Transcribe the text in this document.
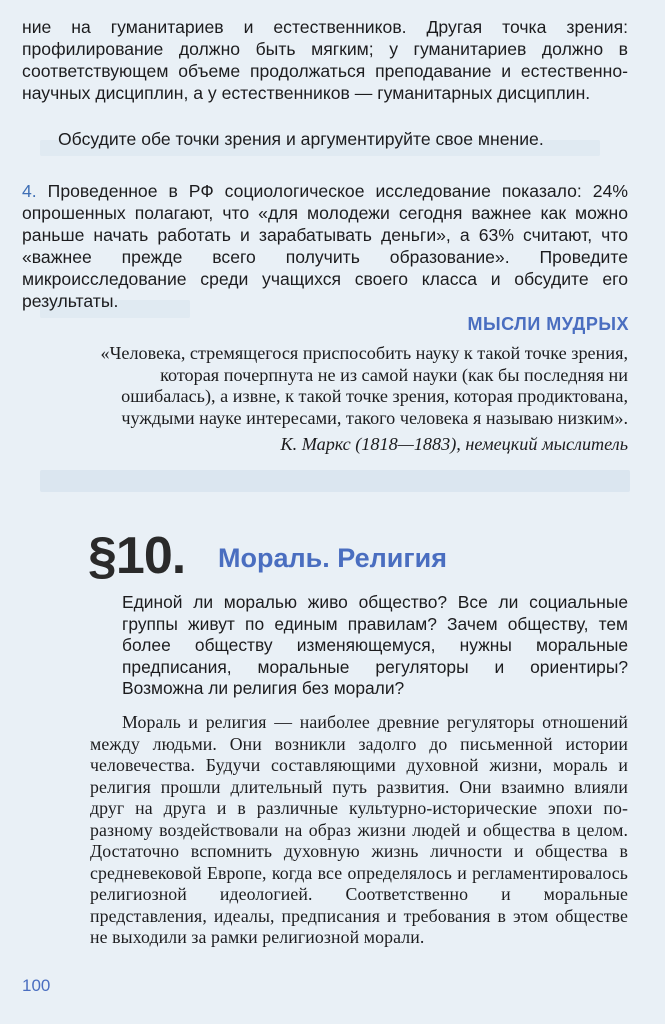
ние на гуманитариев и естественников. Другая точка зрения: профилирование должно быть мягким; у гуманитариев должно в соответствующем объеме продолжаться преподавание и естественно-научных дисциплин, а у естественников — гуманитарных дисциплин.

Обсудите обе точки зрения и аргументируйте свое мнение.

4. Проведенное в РФ социологическое исследование показало: 24% опрошенных полагают, что «для молодежи сегодня важнее как можно раньше начать работать и зарабатывать деньги», а 63% считают, что «важнее прежде всего получить образование». Проведите микроисследование среди учащихся своего класса и обсудите его результаты.

МЫСЛИ МУДРЫХ

«Человека, стремящегося приспособить науку к такой точке зрения, которая почерпнута не из самой науки (как бы последняя ни ошибалась), а извне, к такой точке зрения, которая продиктована, чуждыми науке интересами, такого человека я называю низким».

К. Маркс (1818—1883), немецкий мыслитель

§10. Мораль. Религия

Единой ли моралью живо общество? Все ли социальные группы живут по единым правилам? Зачем обществу, тем более обществу изменяющемуся, нужны моральные предписания, моральные регуляторы и ориентиры? Возможна ли религия без морали?

Мораль и религия — наиболее древние регуляторы отношений между людьми. Они возникли задолго до письменной истории человечества. Будучи составляющими духовной жизни, мораль и религия прошли длительный путь развития. Они взаимно влияли друг на друга и в различные культурно-исторические эпохи по-разному воздействовали на образ жизни людей и общества в целом. Достаточно вспомнить духовную жизнь личности и общества в средневековой Европе, когда все определялось и регламентировалось религиозной идеологией. Соответственно и моральные представления, идеалы, предписания и требования в этом обществе не выходили за рамки религиозной морали.

100
